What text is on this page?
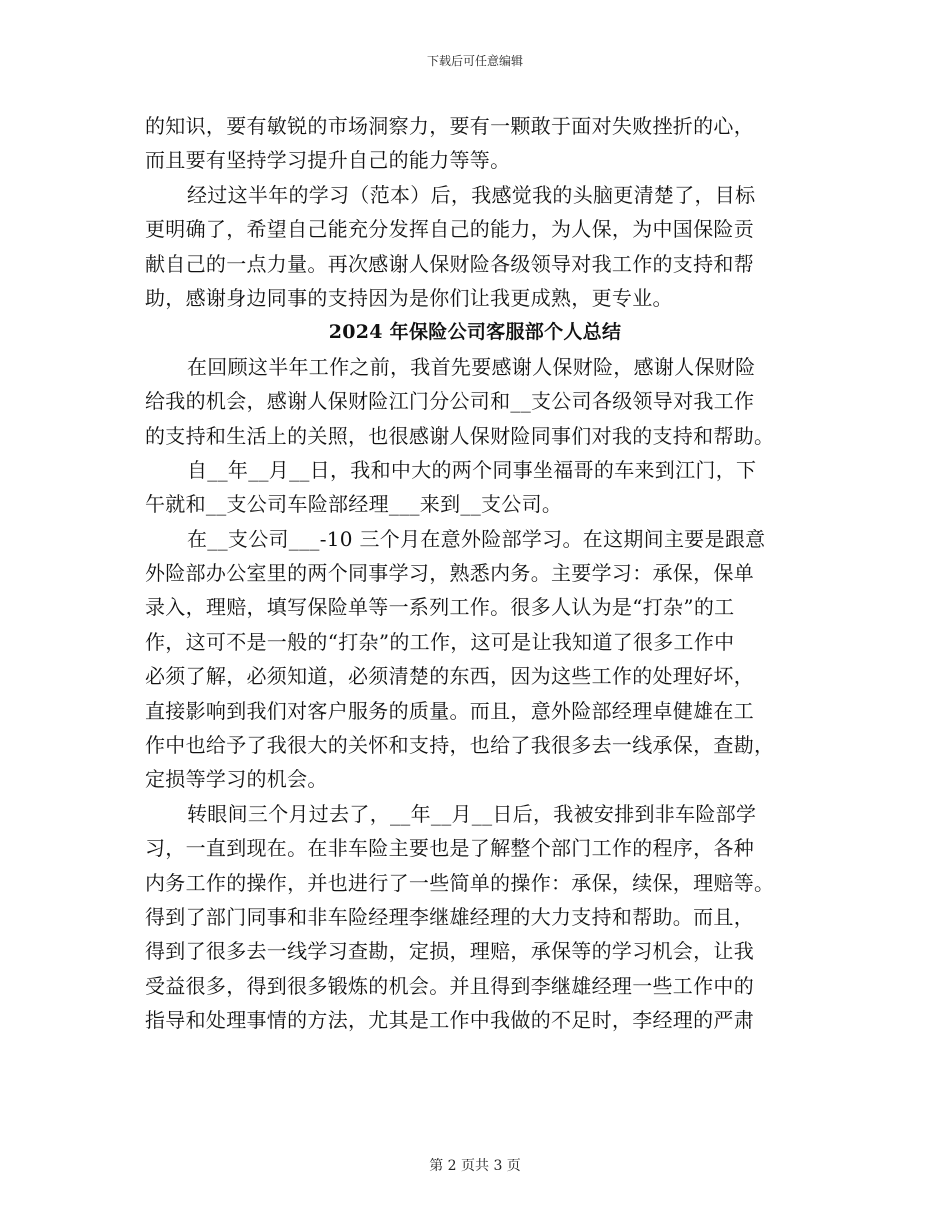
下载后可任意编辑
的知识，要有敏锐的市场洞察力，要有一颗敢于面对失败挫折的心，
而且要有坚持学习提升自己的能力等等。
经过这半年的学习（范本）后，我感觉我的头脑更清楚了，目标
更明确了，希望自己能充分发挥自己的能力，为人保，为中国保险贡
献自己的一点力量。再次感谢人保财险各级领导对我工作的支持和帮
助，感谢身边同事的支持因为是你们让我更成熟，更专业。
2024 年保险公司客服部个人总结
在回顾这半年工作之前，我首先要感谢人保财险，感谢人保财险
给我的机会，感谢人保财险江门分公司和__支公司各级领导对我工作
的支持和生活上的关照，也很感谢人保财险同事们对我的支持和帮助。
自__年__月__日，我和中大的两个同事坐福哥的车来到江门，下
午就和__支公司车险部经理___来到__支公司。
在__支公司___-10 三个月在意外险部学习。在这期间主要是跟意
外险部办公室里的两个同事学习，熟悉内务。主要学习：承保，保单
录入，理赔，填写保险单等一系列工作。很多人认为是“打杂”的工
作，这可不是一般的“打杂”的工作，这可是让我知道了很多工作中
必须了解，必须知道，必须清楚的东西，因为这些工作的处理好坏，
直接影响到我们对客户服务的质量。而且，意外险部经理卓健雄在工
作中也给予了我很大的关怀和支持，也给了我很多去一线承保，查勘，
定损等学习的机会。
转眼间三个月过去了，__年__月__日后，我被安排到非车险部学
习，一直到现在。在非车险主要也是了解整个部门工作的程序，各种
内务工作的操作，并也进行了一些简单的操作：承保，续保，理赔等。
得到了部门同事和非车险经理李继雄经理的大力支持和帮助。而且，
得到了很多去一线学习查勘，定损，理赔，承保等的学习机会，让我
受益很多，得到很多锻炼的机会。并且得到李继雄经理一些工作中的
指导和处理事情的方法，尤其是工作中我做的不足时，李经理的严肃
第 2 页共 3 页
